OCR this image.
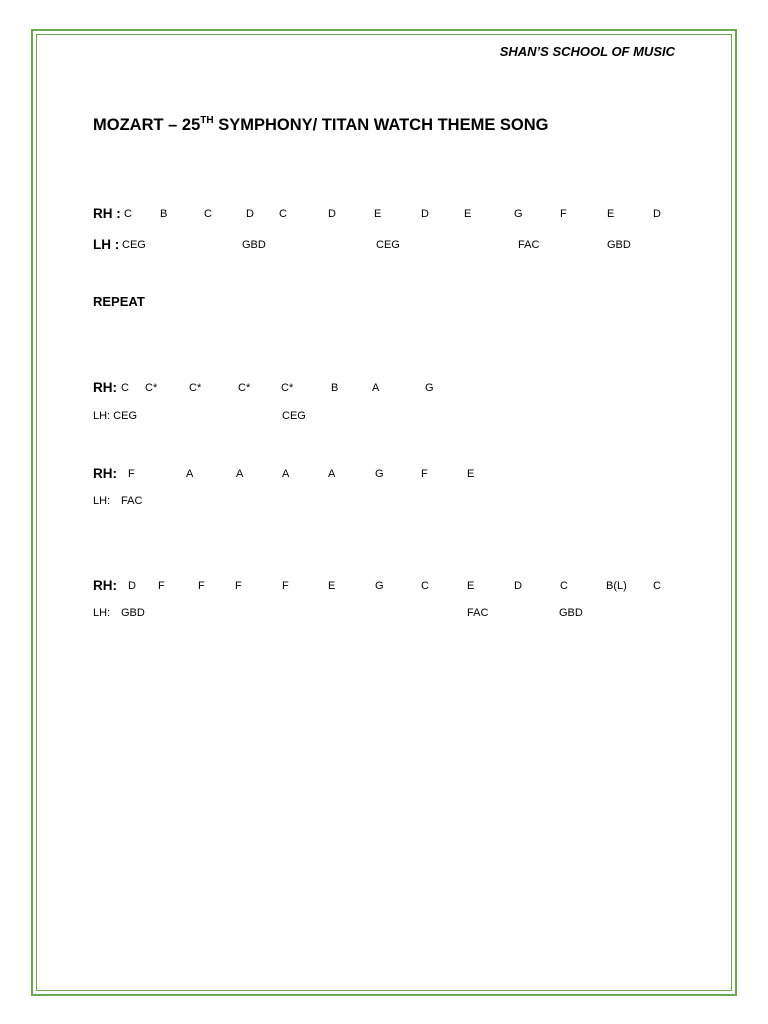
SHAN’S SCHOOL OF MUSIC
MOZART – 25TH SYMPHONY/ TITAN WATCH THEME SONG
REPEAT
RH : C	B	C	D C	D	E	D	E	G	F	E	D
LH : CEG	GBD	CEG	FAC	GBD
RH: C C*	C*	C*	C*	B	A	G
LH: CEG	CEG
RH: F	A	A	A	A	G	F	E
LH: FAC
RH: D F	F	F	F	E	G	C	E	D	C	B(L) C
LH: GBD	FAC	GBD
